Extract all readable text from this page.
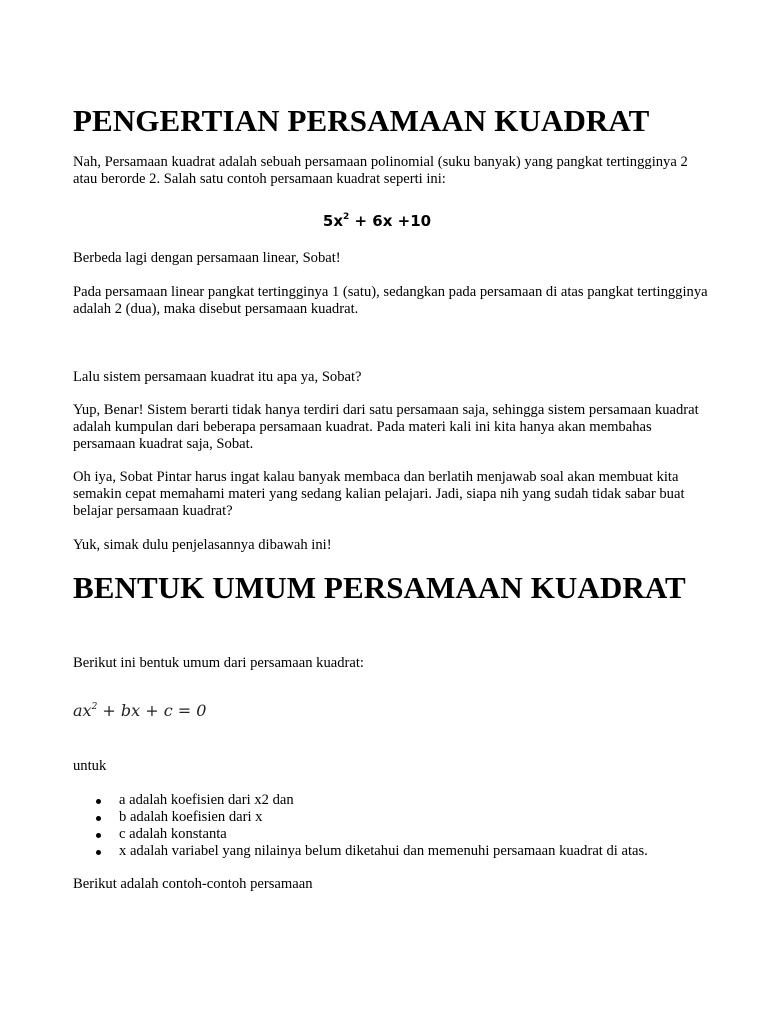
PENGERTIAN PERSAMAAN KUADRAT

Nah, Persamaan kuadrat adalah sebuah persamaan polinomial (suku banyak) yang pangkat tertingginya 2 atau berorde 2. Salah satu contoh persamaan kuadrat seperti ini:

$5x^2 + 6x +10$

Berbeda lagi dengan persamaan linear, Sobat!

Pada persamaan linear pangkat tertingginya 1 (satu), sedangkan pada persamaan di atas pangkat tertingginya adalah 2 (dua), maka disebut persamaan kuadrat.

Lalu sistem persamaan kuadrat itu apa ya, Sobat?

Yup, Benar! Sistem berarti tidak hanya terdiri dari satu persamaan saja, sehingga sistem persamaan kuadrat adalah kumpulan dari beberapa persamaan kuadrat. Pada materi kali ini kita hanya akan membahas persamaan kuadrat saja, Sobat.

Oh iya, Sobat Pintar harus ingat kalau banyak membaca dan berlatih menjawab soal akan membuat kita semakin cepat memahami materi yang sedang kalian pelajari. Jadi, siapa nih yang sudah tidak sabar buat belajar persamaan kuadrat?

Yuk, simak dulu penjelasannya dibawah ini!

BENTUK UMUM PERSAMAAN KUADRAT

Berikut ini bentuk umum dari persamaan kuadrat:

$ax^2$ + bx + c = 0

untuk

a adalah koefisien dari x2 dan
b adalah koefisien dari x
c adalah konstanta
x adalah variabel yang nilainya belum diketahui dan memenuhi persamaan kuadrat di atas.

Berikut adalah contoh-contoh persamaan
